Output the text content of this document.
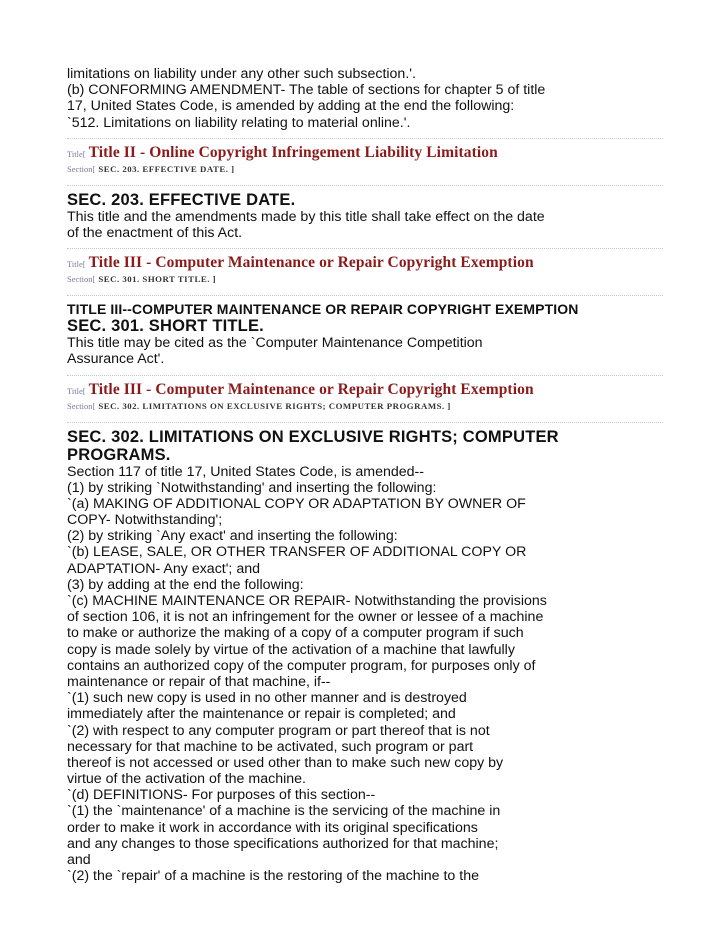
limitations on liability under any other such subsection.'.
(b) CONFORMING AMENDMENT- The table of sections for chapter 5 of title
17, United States Code, is amended by adding at the end the following:
`512. Limitations on liability relating to material online.'.
Title[ Title II - Online Copyright Infringement Liability Limitation
Section[ SEC. 203. EFFECTIVE DATE. ]
SEC. 203. EFFECTIVE DATE.
This title and the amendments made by this title shall take effect on the date
of the enactment of this Act.
Title[ Title III - Computer Maintenance or Repair Copyright Exemption
Section[ SEC. 301. SHORT TITLE. ]
TITLE III--COMPUTER MAINTENANCE OR REPAIR COPYRIGHT EXEMPTION
SEC. 301. SHORT TITLE.
This title may be cited as the `Computer Maintenance Competition
Assurance Act'.
Title[ Title III - Computer Maintenance or Repair Copyright Exemption
Section[ SEC. 302. LIMITATIONS ON EXCLUSIVE RIGHTS; COMPUTER PROGRAMS. ]
SEC. 302. LIMITATIONS ON EXCLUSIVE RIGHTS; COMPUTER
PROGRAMS.
Section 117 of title 17, United States Code, is amended--
(1) by striking `Notwithstanding' and inserting the following:
`(a) MAKING OF ADDITIONAL COPY OR ADAPTATION BY OWNER OF
COPY- Notwithstanding';
(2) by striking `Any exact' and inserting the following:
`(b) LEASE, SALE, OR OTHER TRANSFER OF ADDITIONAL COPY OR
ADAPTATION- Any exact'; and
(3) by adding at the end the following:
`(c) MACHINE MAINTENANCE OR REPAIR- Notwithstanding the provisions
of section 106, it is not an infringement for the owner or lessee of a machine
to make or authorize the making of a copy of a computer program if such
copy is made solely by virtue of the activation of a machine that lawfully
contains an authorized copy of the computer program, for purposes only of
maintenance or repair of that machine, if--
`(1) such new copy is used in no other manner and is destroyed
immediately after the maintenance or repair is completed; and
`(2) with respect to any computer program or part thereof that is not
necessary for that machine to be activated, such program or part
thereof is not accessed or used other than to make such new copy by
virtue of the activation of the machine.
`(d) DEFINITIONS- For purposes of this section--
`(1) the `maintenance' of a machine is the servicing of the machine in
order to make it work in accordance with its original specifications
and any changes to those specifications authorized for that machine;
and
`(2) the `repair' of a machine is the restoring of the machine to the
